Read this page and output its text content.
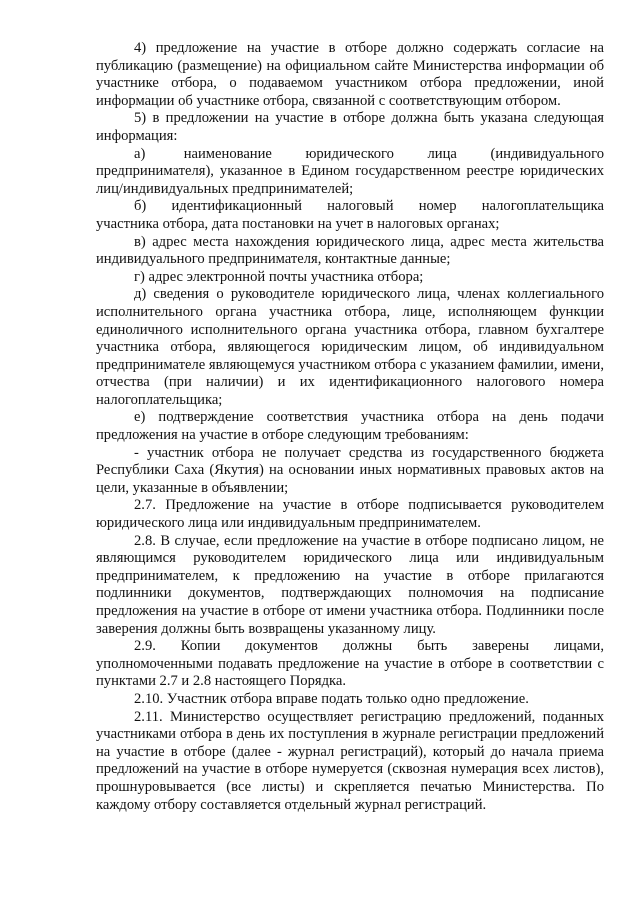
4) предложение на участие в отборе должно содержать согласие на публикацию (размещение) на официальном сайте Министерства информации об участнике отбора, о подаваемом участником отбора предложении, иной информации об участнике отбора, связанной с соответствующим отбором.

5) в предложении на участие в отборе должна быть указана следующая информация:

а)        наименование       юридического       лица       (индивидуального предпринимателя), указанное в Едином государственном реестре юридических лиц/индивидуальных предпринимателей;

б)     идентификационный     налоговый     номер     налогоплательщика участника отбора, дата постановки на учет в налоговых органах;

в) адрес места нахождения юридического лица, адрес места жительства индивидуального предпринимателя, контактные данные;

г) адрес электронной почты участника отбора;

д) сведения о руководителе юридического лица, членах коллегиального исполнительного органа участника отбора, лице, исполняющем функции единоличного исполнительного органа участника отбора, главном бухгалтере участника отбора, являющегося юридическим лицом, об индивидуальном предпринимателе являющемуся участником отбора с указанием фамилии, имени, отчества (при наличии) и их идентификационного налогового номера налогоплательщика;

е) подтверждение соответствия участника отбора на день подачи предложения на участие в отборе следующим требованиям:

- участник отбора не получает средства из государственного бюджета Республики Саха (Якутия) на основании иных нормативных правовых актов на цели, указанные в объявлении;

2.7. Предложение на участие в отборе подписывается руководителем юридического лица или индивидуальным предпринимателем.

2.8. В случае, если предложение на участие в отборе подписано лицом, не являющимся руководителем юридического лица или индивидуальным предпринимателем, к предложению на участие в отборе прилагаются подлинники документов, подтверждающих полномочия на подписание предложения на участие в отборе от имени участника отбора. Подлинники после заверения должны быть возвращены указанному лицу.

2.9.      Копии      документов      должны      быть      заверены      лицами, уполномоченными подавать предложение на участие в отборе в соответствии с пунктами 2.7 и 2.8 настоящего Порядка.

2.10. Участник отбора вправе подать только одно предложение.

2.11. Министерство осуществляет регистрацию предложений, поданных участниками отбора в день их поступления в журнале регистрации предложений на участие в отборе (далее - журнал регистраций), который до начала приема предложений на участие в отборе нумеруется (сквозная нумерация всех листов), прошнуровывается (все листы) и скрепляется печатью Министерства. По каждому отбору составляется отдельный журнал регистраций.
